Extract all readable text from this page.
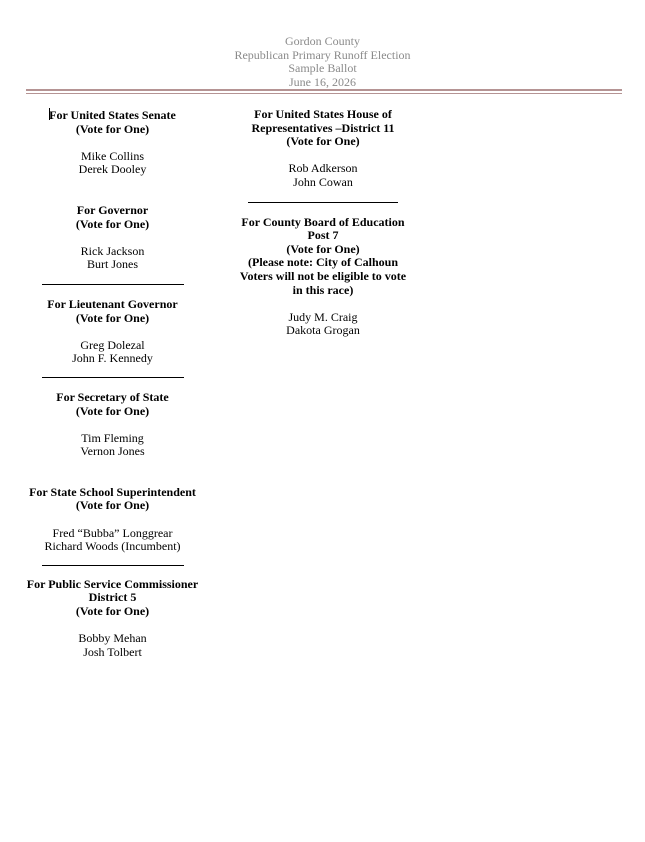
Gordon County
Republican Primary Runoff Election
Sample Ballot
June 16, 2026
For United States Senate
(Vote for One)
Mike Collins
Derek Dooley
For Governor
(Vote for One)
Rick Jackson
Burt Jones
For Lieutenant Governor
(Vote for One)
Greg Dolezal
John F. Kennedy
For Secretary of State
(Vote for One)
Tim Fleming
Vernon Jones
For State School Superintendent
(Vote for One)
Fred “Bubba” Longgrear
Richard Woods (Incumbent)
For Public Service Commissioner
District 5
(Vote for One)
Bobby Mehan
Josh Tolbert
For United States House of
Representatives –District 11
(Vote for One)
Rob Adkerson
John Cowan
For County Board of Education
Post 7
(Vote for One)
(Please note: City of Calhoun
Voters will not be eligible to vote
in this race)
Judy M. Craig
Dakota Grogan
